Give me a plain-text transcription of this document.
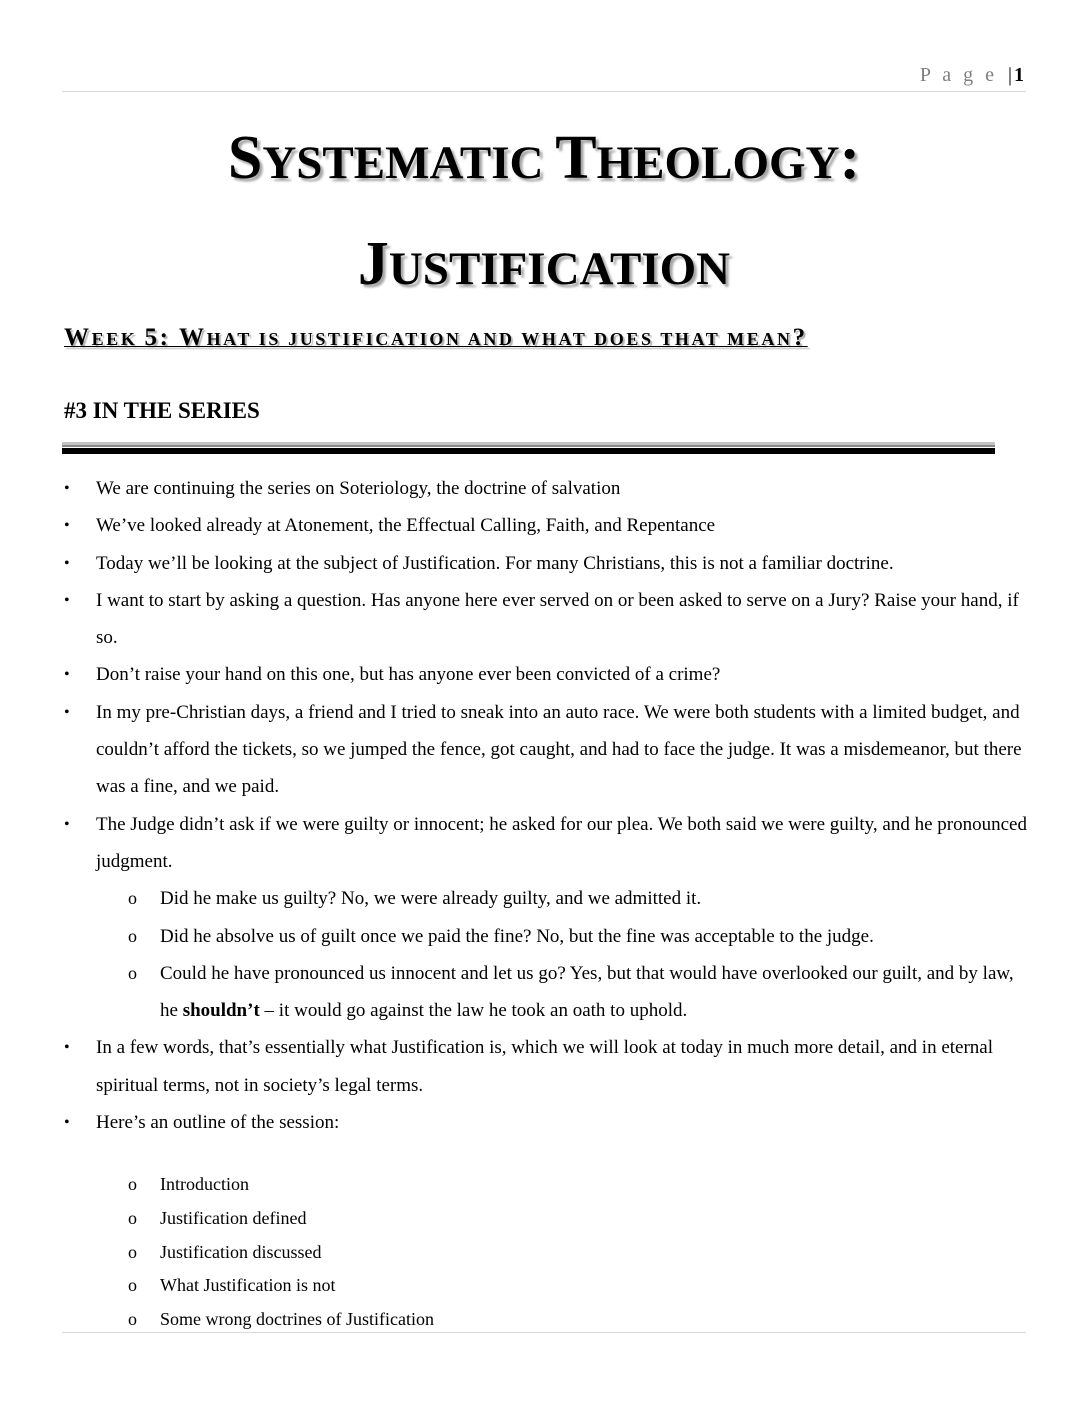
P a g e | 1
SYSTEMATIC THEOLOGY:
JUSTIFICATION
WEEK 5: WHAT IS JUSTIFICATION AND WHAT DOES THAT MEAN?
#3 IN THE SERIES
• We are continuing the series on Soteriology, the doctrine of salvation
• We’ve looked already at Atonement, the Effectual Calling, Faith, and Repentance
• Today we’ll be looking at the subject of Justification. For many Christians, this is not a familiar doctrine.
• I want to start by asking a question. Has anyone here ever served on or been asked to serve on a Jury? Raise your hand, if so.
• Don’t raise your hand on this one, but has anyone ever been convicted of a crime?
• In my pre-Christian days, a friend and I tried to sneak into an auto race. We were both students with a limited budget, and couldn’t afford the tickets, so we jumped the fence, got caught, and had to face the judge. It was a misdemeanor, but there was a fine, and we paid.
• The Judge didn’t ask if we were guilty or innocent; he asked for our plea. We both said we were guilty, and he pronounced judgment.
o Did he make us guilty? No, we were already guilty, and we admitted it.
o Did he absolve us of guilt once we paid the fine? No, but the fine was acceptable to the judge.
o Could he have pronounced us innocent and let us go? Yes, but that would have overlooked our guilt, and by law, he shouldn’t – it would go against the law he took an oath to uphold.
• In a few words, that’s essentially what Justification is, which we will look at today in much more detail, and in eternal spiritual terms, not in society’s legal terms.
• Here’s an outline of the session:
o Introduction
o Justification defined
o Justification discussed
o What Justification is not
o Some wrong doctrines of Justification
